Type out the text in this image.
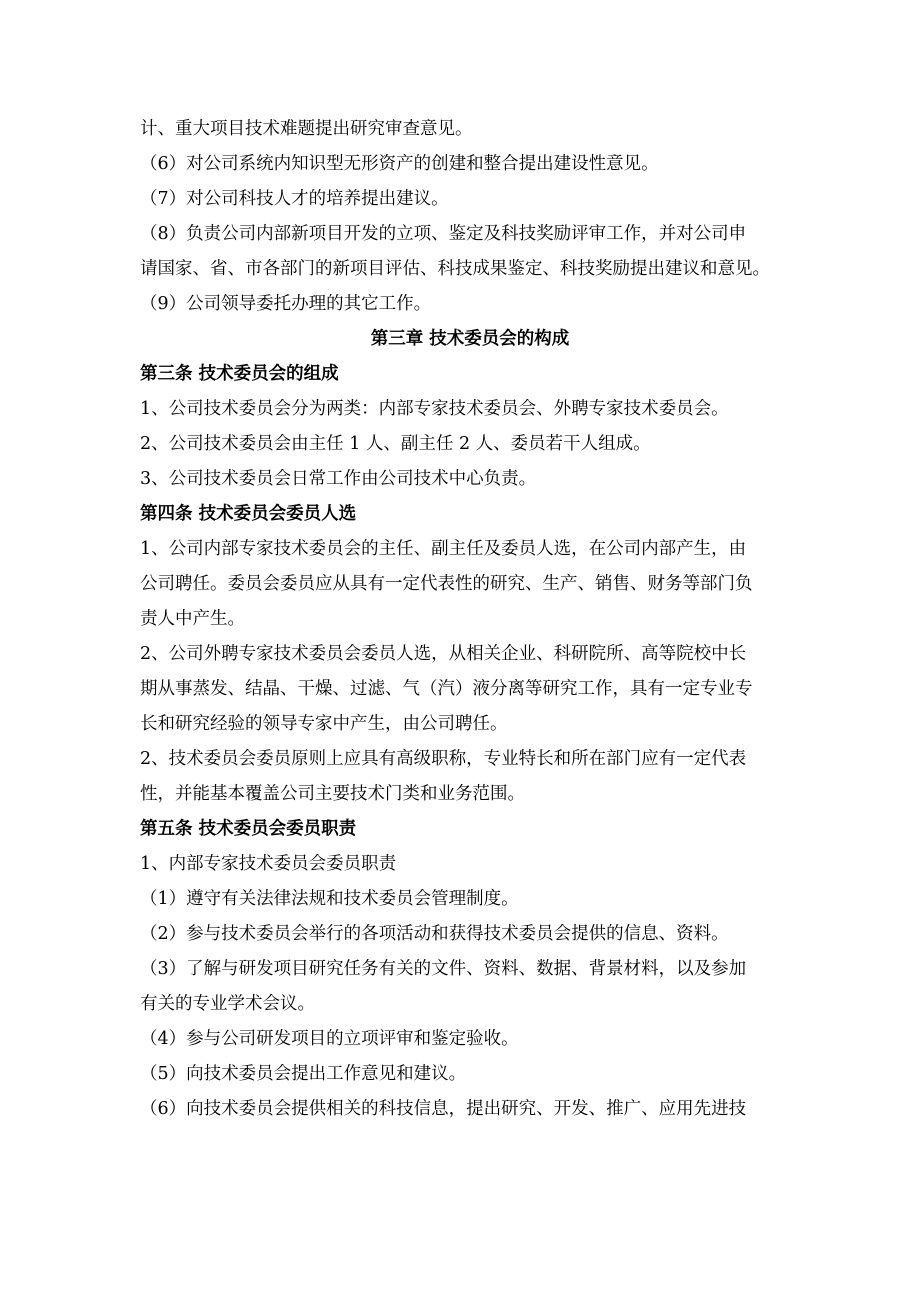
计、重大项目技术难题提出研究审查意见。
（6）对公司系统内知识型无形资产的创建和整合提出建设性意见。
（7）对公司科技人才的培养提出建议。
（8）负责公司内部新项目开发的立项、鉴定及科技奖励评审工作，并对公司申
请国家、省、市各部门的新项目评估、科技成果鉴定、科技奖励提出建议和意见。
（9）公司领导委托办理的其它工作。
第三章 技术委员会的构成
第三条 技术委员会的组成
1、公司技术委员会分为两类：内部专家技术委员会、外聘专家技术委员会。
2、公司技术委员会由主任 1 人、副主任 2 人、委员若干人组成。
3、公司技术委员会日常工作由公司技术中心负责。
第四条 技术委员会委员人选
1、公司内部专家技术委员会的主任、副主任及委员人选，在公司内部产生，由
公司聘任。委员会委员应从具有一定代表性的研究、生产、销售、财务等部门负
责人中产生。
2、公司外聘专家技术委员会委员人选，从相关企业、科研院所、高等院校中长
期从事蒸发、结晶、干燥、过滤、气（汽）液分离等研究工作，具有一定专业专
长和研究经验的领导专家中产生，由公司聘任。
2、技术委员会委员原则上应具有高级职称，专业特长和所在部门应有一定代表
性，并能基本覆盖公司主要技术门类和业务范围。
第五条 技术委员会委员职责
1、内部专家技术委员会委员职责
（1）遵守有关法律法规和技术委员会管理制度。
（2）参与技术委员会举行的各项活动和获得技术委员会提供的信息、资料。
（3）了解与研发项目研究任务有关的文件、资料、数据、背景材料，以及参加
有关的专业学术会议。
（4）参与公司研发项目的立项评审和鉴定验收。
（5）向技术委员会提出工作意见和建议。
（6）向技术委员会提供相关的科技信息，提出研究、开发、推广、应用先进技
